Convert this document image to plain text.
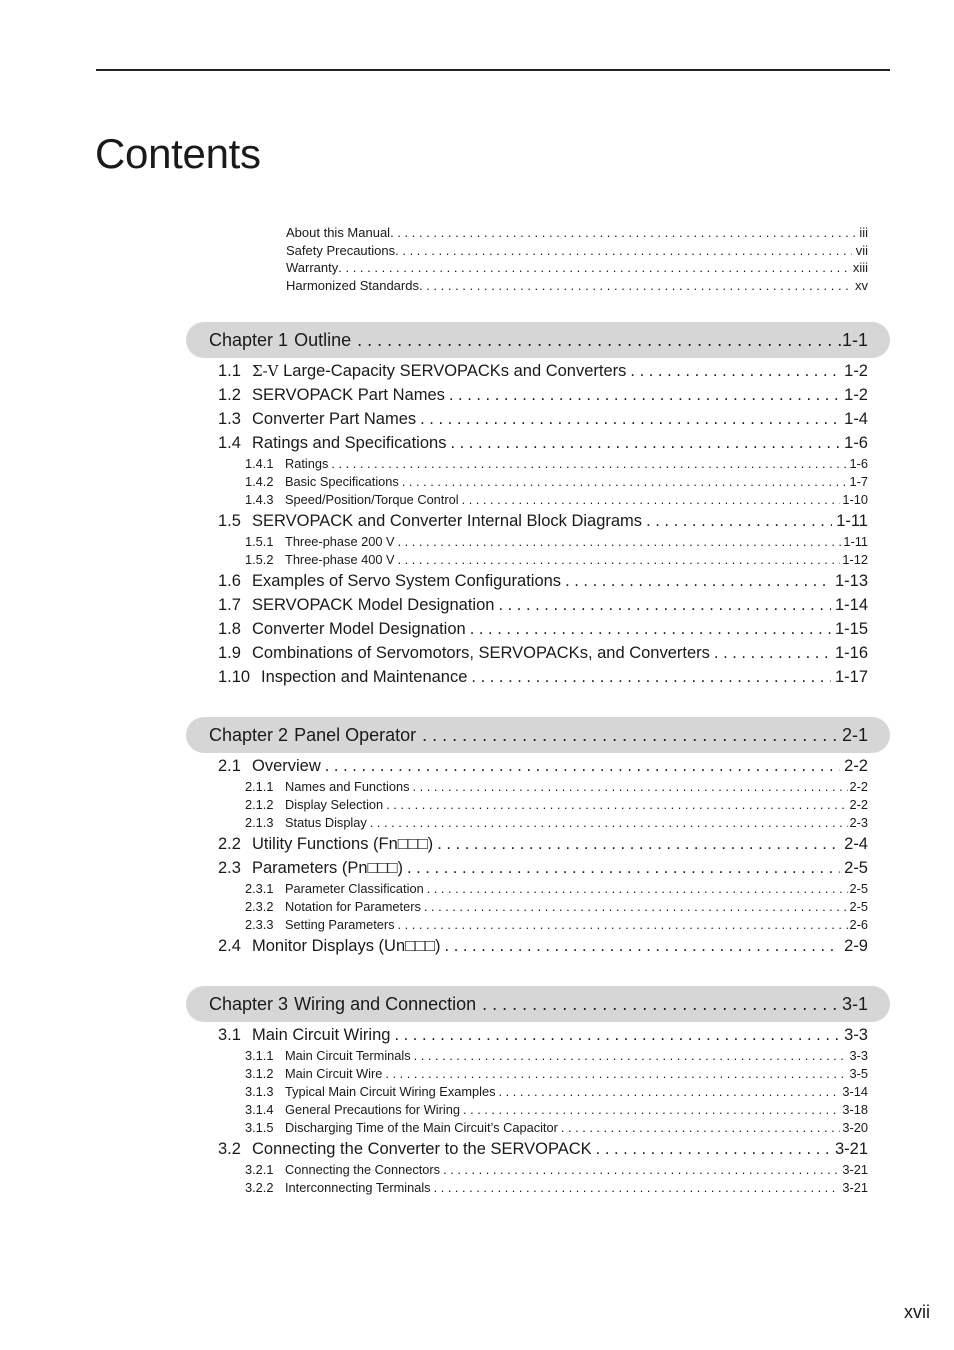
Contents
About this Manual . . .	iii
Safety Precautions . . .	vii
Warranty . . .	xiii
Harmonized Standards . . .	xv
Chapter 1 Outline . . .	1-1
1.1 Σ-V Large-Capacity SERVOPACKs and Converters . . .	1-2
1.2 SERVOPACK Part Names . . .	1-2
1.3 Converter Part Names . . .	1-4
1.4 Ratings and Specifications . . .	1-6
1.4.1 Ratings . . .	1-6
1.4.2 Basic Specifications . . .	1-7
1.4.3 Speed/Position/Torque Control . . .	1-10
1.5 SERVOPACK and Converter Internal Block Diagrams . . .	1-11
1.5.1 Three-phase 200 V . . .	1-11
1.5.2 Three-phase 400 V . . .	1-12
1.6 Examples of Servo System Configurations . . .	1-13
1.7 SERVOPACK Model Designation . . .	1-14
1.8 Converter Model Designation . . .	1-15
1.9 Combinations of Servomotors, SERVOPACKs, and Converters . . .	1-16
1.10 Inspection and Maintenance . . .	1-17
Chapter 2 Panel Operator . . .	2-1
2.1 Overview . . .	2-2
2.1.1 Names and Functions . . .	2-2
2.1.2 Display Selection . . .	2-2
2.1.3 Status Display . . .	2-3
2.2 Utility Functions (Fn□□□) . . .	2-4
2.3 Parameters (Pn□□□) . . .	2-5
2.3.1 Parameter Classification . . .	2-5
2.3.2 Notation for Parameters . . .	2-5
2.3.3 Setting Parameters . . .	2-6
2.4 Monitor Displays (Un□□□) . . .	2-9
Chapter 3 Wiring and Connection . . .	3-1
3.1 Main Circuit Wiring . . .	3-3
3.1.1 Main Circuit Terminals . . .	3-3
3.1.2 Main Circuit Wire . . .	3-5
3.1.3 Typical Main Circuit Wiring Examples . . .	3-14
3.1.4 General Precautions for Wiring . . .	3-18
3.1.5 Discharging Time of the Main Circuit’s Capacitor . . .	3-20
3.2 Connecting the Converter to the SERVOPACK . . .	3-21
3.2.1 Connecting the Connectors . . .	3-21
3.2.2 Interconnecting Terminals . . .	3-21
xvii
